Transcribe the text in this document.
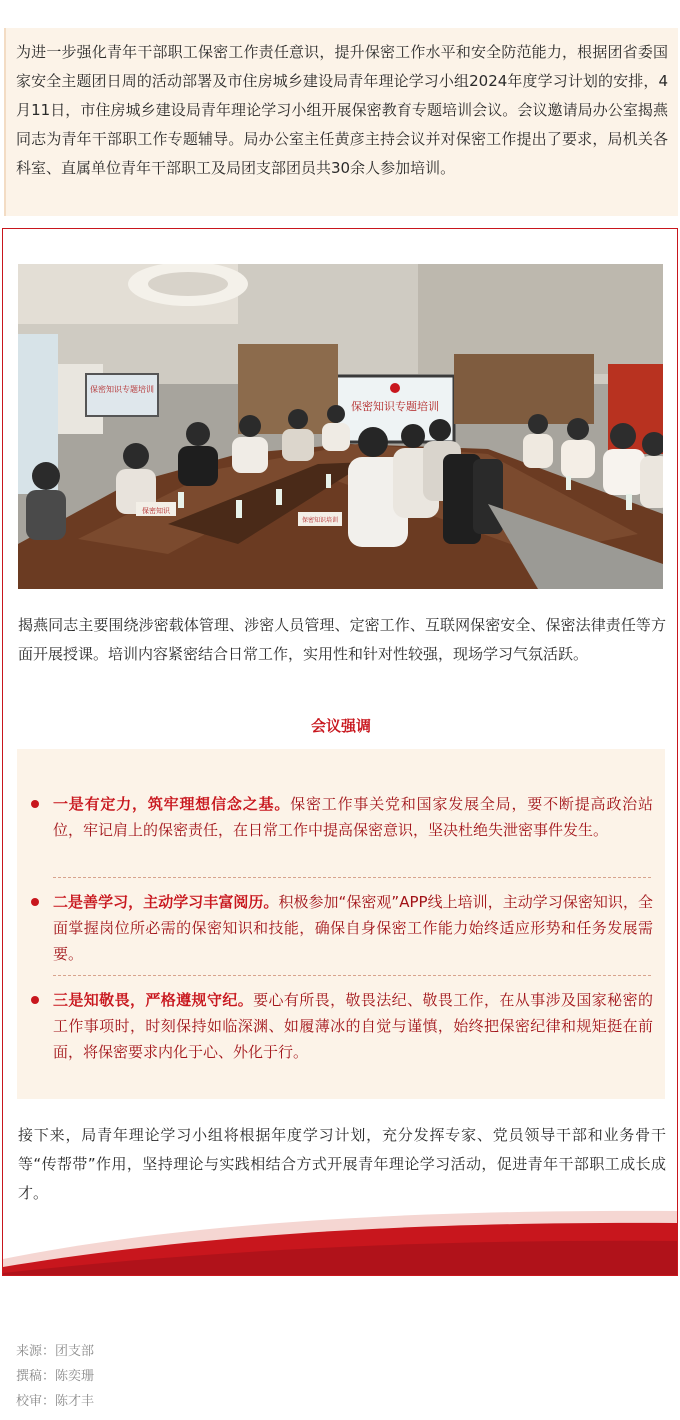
为进一步强化青年干部职工保密工作责任意识，提升保密工作水平和安全防范能力，根据团省委国家安全主题团日周的活动部署及市住房城乡建设局青年理论学习小组2024年度学习计划的安排，4月11日，市住房城乡建设局青年理论学习小组开展保密教育专题培训会议。会议邀请局办公室揭燕同志为青年干部职工作专题辅导。局办公室主任黄彦主持会议并对保密工作提出了要求，局机关各科室、直属单位青年干部职工及局团支部团员共30余人参加培训。
保密知识专题培训
保密知识专题培训
保密知识
保密知识培训
揭燕同志主要围绕涉密载体管理、涉密人员管理、定密工作、互联网保密安全、保密法律责任等方面开展授课。培训内容紧密结合日常工作，实用性和针对性较强，现场学习气氛活跃。
会议强调
一是有定力，筑牢理想信念之基。保密工作事关党和国家发展全局，要不断提高政治站位，牢记肩上的保密责任，在日常工作中提高保密意识，坚决杜绝失泄密事件发生。
二是善学习，主动学习丰富阅历。积极参加“保密观”APP线上培训，主动学习保密知识，全面掌握岗位所必需的保密知识和技能，确保自身保密工作能力始终适应形势和任务发展需要。
三是知敬畏，严格遵规守纪。要心有所畏，敬畏法纪、敬畏工作，在从事涉及国家秘密的工作事项时，时刻保持如临深渊、如履薄冰的自觉与谨慎，始终把保密纪律和规矩挺在前面，将保密要求内化于心、外化于行。
接下来，局青年理论学习小组将根据年度学习计划，充分发挥专家、党员领导干部和业务骨干等“传帮带”作用，坚持理论与实践相结合方式开展青年理论学习活动，促进青年干部职工成长成才。
来源：团支部
撰稿：陈奕珊
校审：陈才丰
